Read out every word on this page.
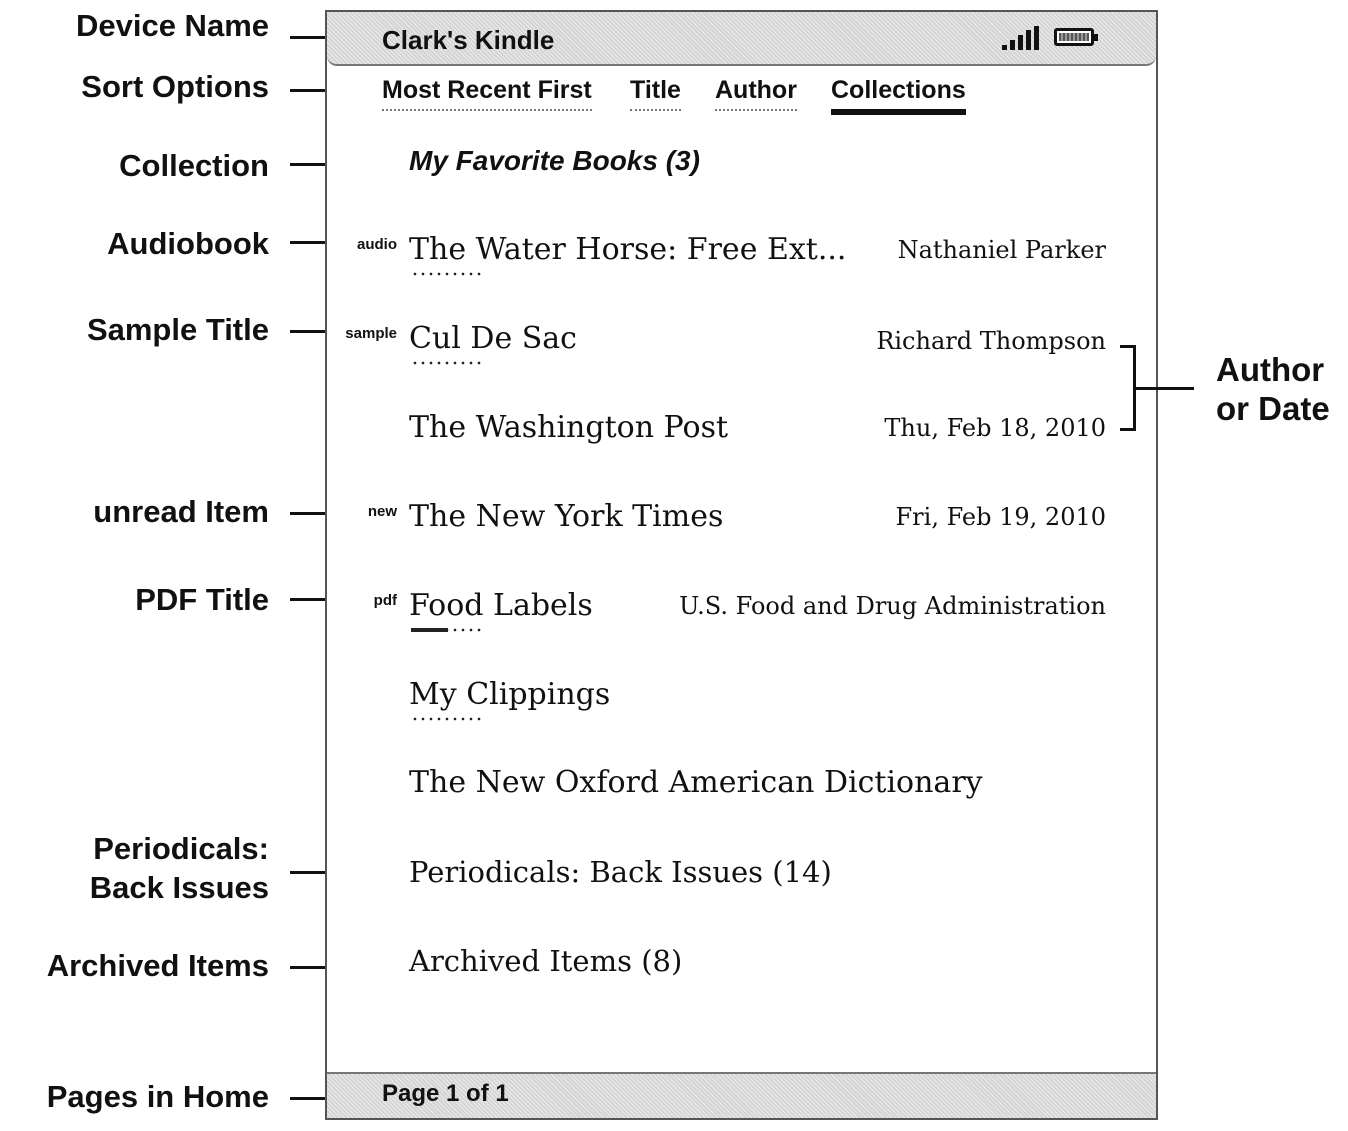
Device Name
Sort Options
Collection
Audiobook
Sample Title
unread Item
PDF Title
Periodicals:
Back Issues
Archived Items
Pages in Home
Clark's Kindle
Most Recent First Title Author Collections
My Favorite Books (3)
audio The Water Horse: Free Ext... Nathaniel Parker
sample Cul De Sac	Richard Thompson
The Washington Post	Thu, Feb 18, 2010
new The New York Times	Fri, Feb 19, 2010
pdf Food Labels	U.S. Food and Drug Administration
My Clippings
The New Oxford American Dictionary
Periodicals: Back Issues (14)
Archived Items (8)
Page 1 of 1
Author
or Date
